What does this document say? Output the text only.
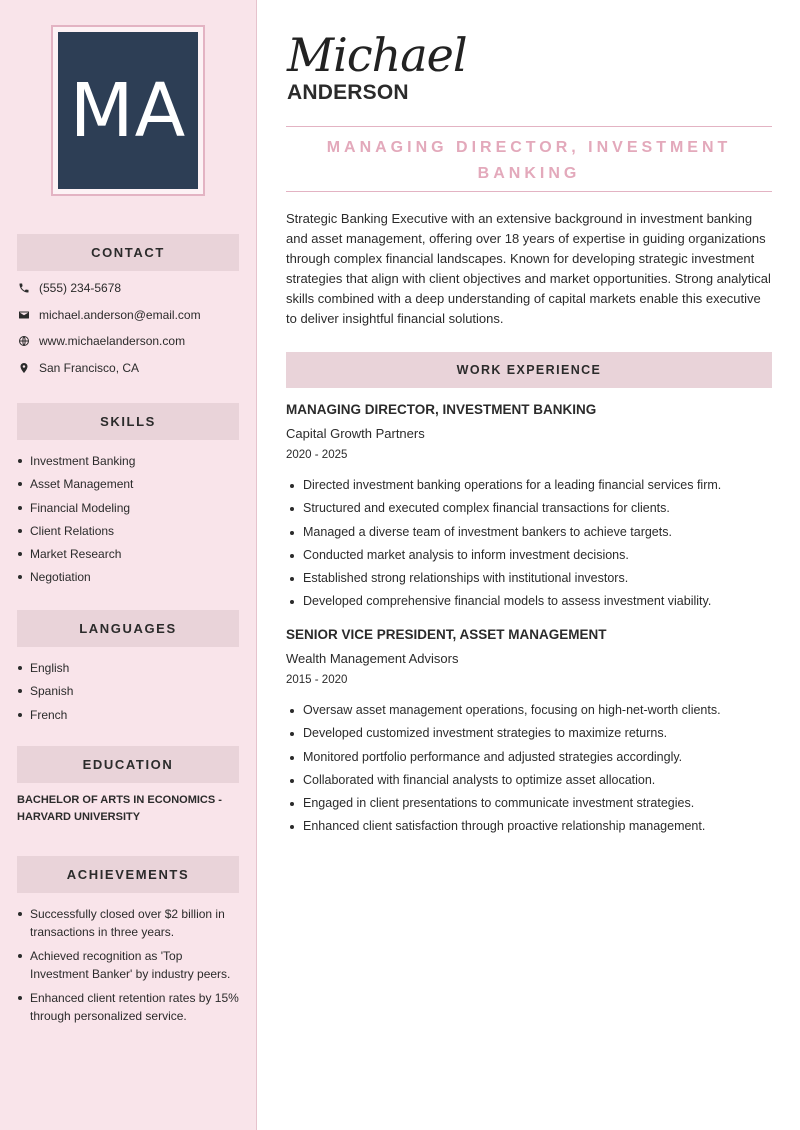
MA
CONTACT
(555) 234-5678
michael.anderson@email.com
www.michaelanderson.com
San Francisco, CA
SKILLS
Investment Banking
Asset Management
Financial Modeling
Client Relations
Market Research
Negotiation
LANGUAGES
English
Spanish
French
EDUCATION
BACHELOR OF ARTS IN ECONOMICS - HARVARD UNIVERSITY
ACHIEVEMENTS
Successfully closed over $2 billion in transactions in three years.
Achieved recognition as 'Top Investment Banker' by industry peers.
Enhanced client retention rates by 15% through personalized service.
Michael
ANDERSON
MANAGING DIRECTOR, INVESTMENT BANKING
Strategic Banking Executive with an extensive background in investment banking and asset management, offering over 18 years of expertise in guiding organizations through complex financial landscapes. Known for developing strategic investment strategies that align with client objectives and market opportunities. Strong analytical skills combined with a deep understanding of capital markets enable this executive to deliver insightful financial solutions.
WORK EXPERIENCE
MANAGING DIRECTOR, INVESTMENT BANKING
Capital Growth Partners
2020 - 2025
Directed investment banking operations for a leading financial services firm.
Structured and executed complex financial transactions for clients.
Managed a diverse team of investment bankers to achieve targets.
Conducted market analysis to inform investment decisions.
Established strong relationships with institutional investors.
Developed comprehensive financial models to assess investment viability.
SENIOR VICE PRESIDENT, ASSET MANAGEMENT
Wealth Management Advisors
2015 - 2020
Oversaw asset management operations, focusing on high-net-worth clients.
Developed customized investment strategies to maximize returns.
Monitored portfolio performance and adjusted strategies accordingly.
Collaborated with financial analysts to optimize asset allocation.
Engaged in client presentations to communicate investment strategies.
Enhanced client satisfaction through proactive relationship management.
